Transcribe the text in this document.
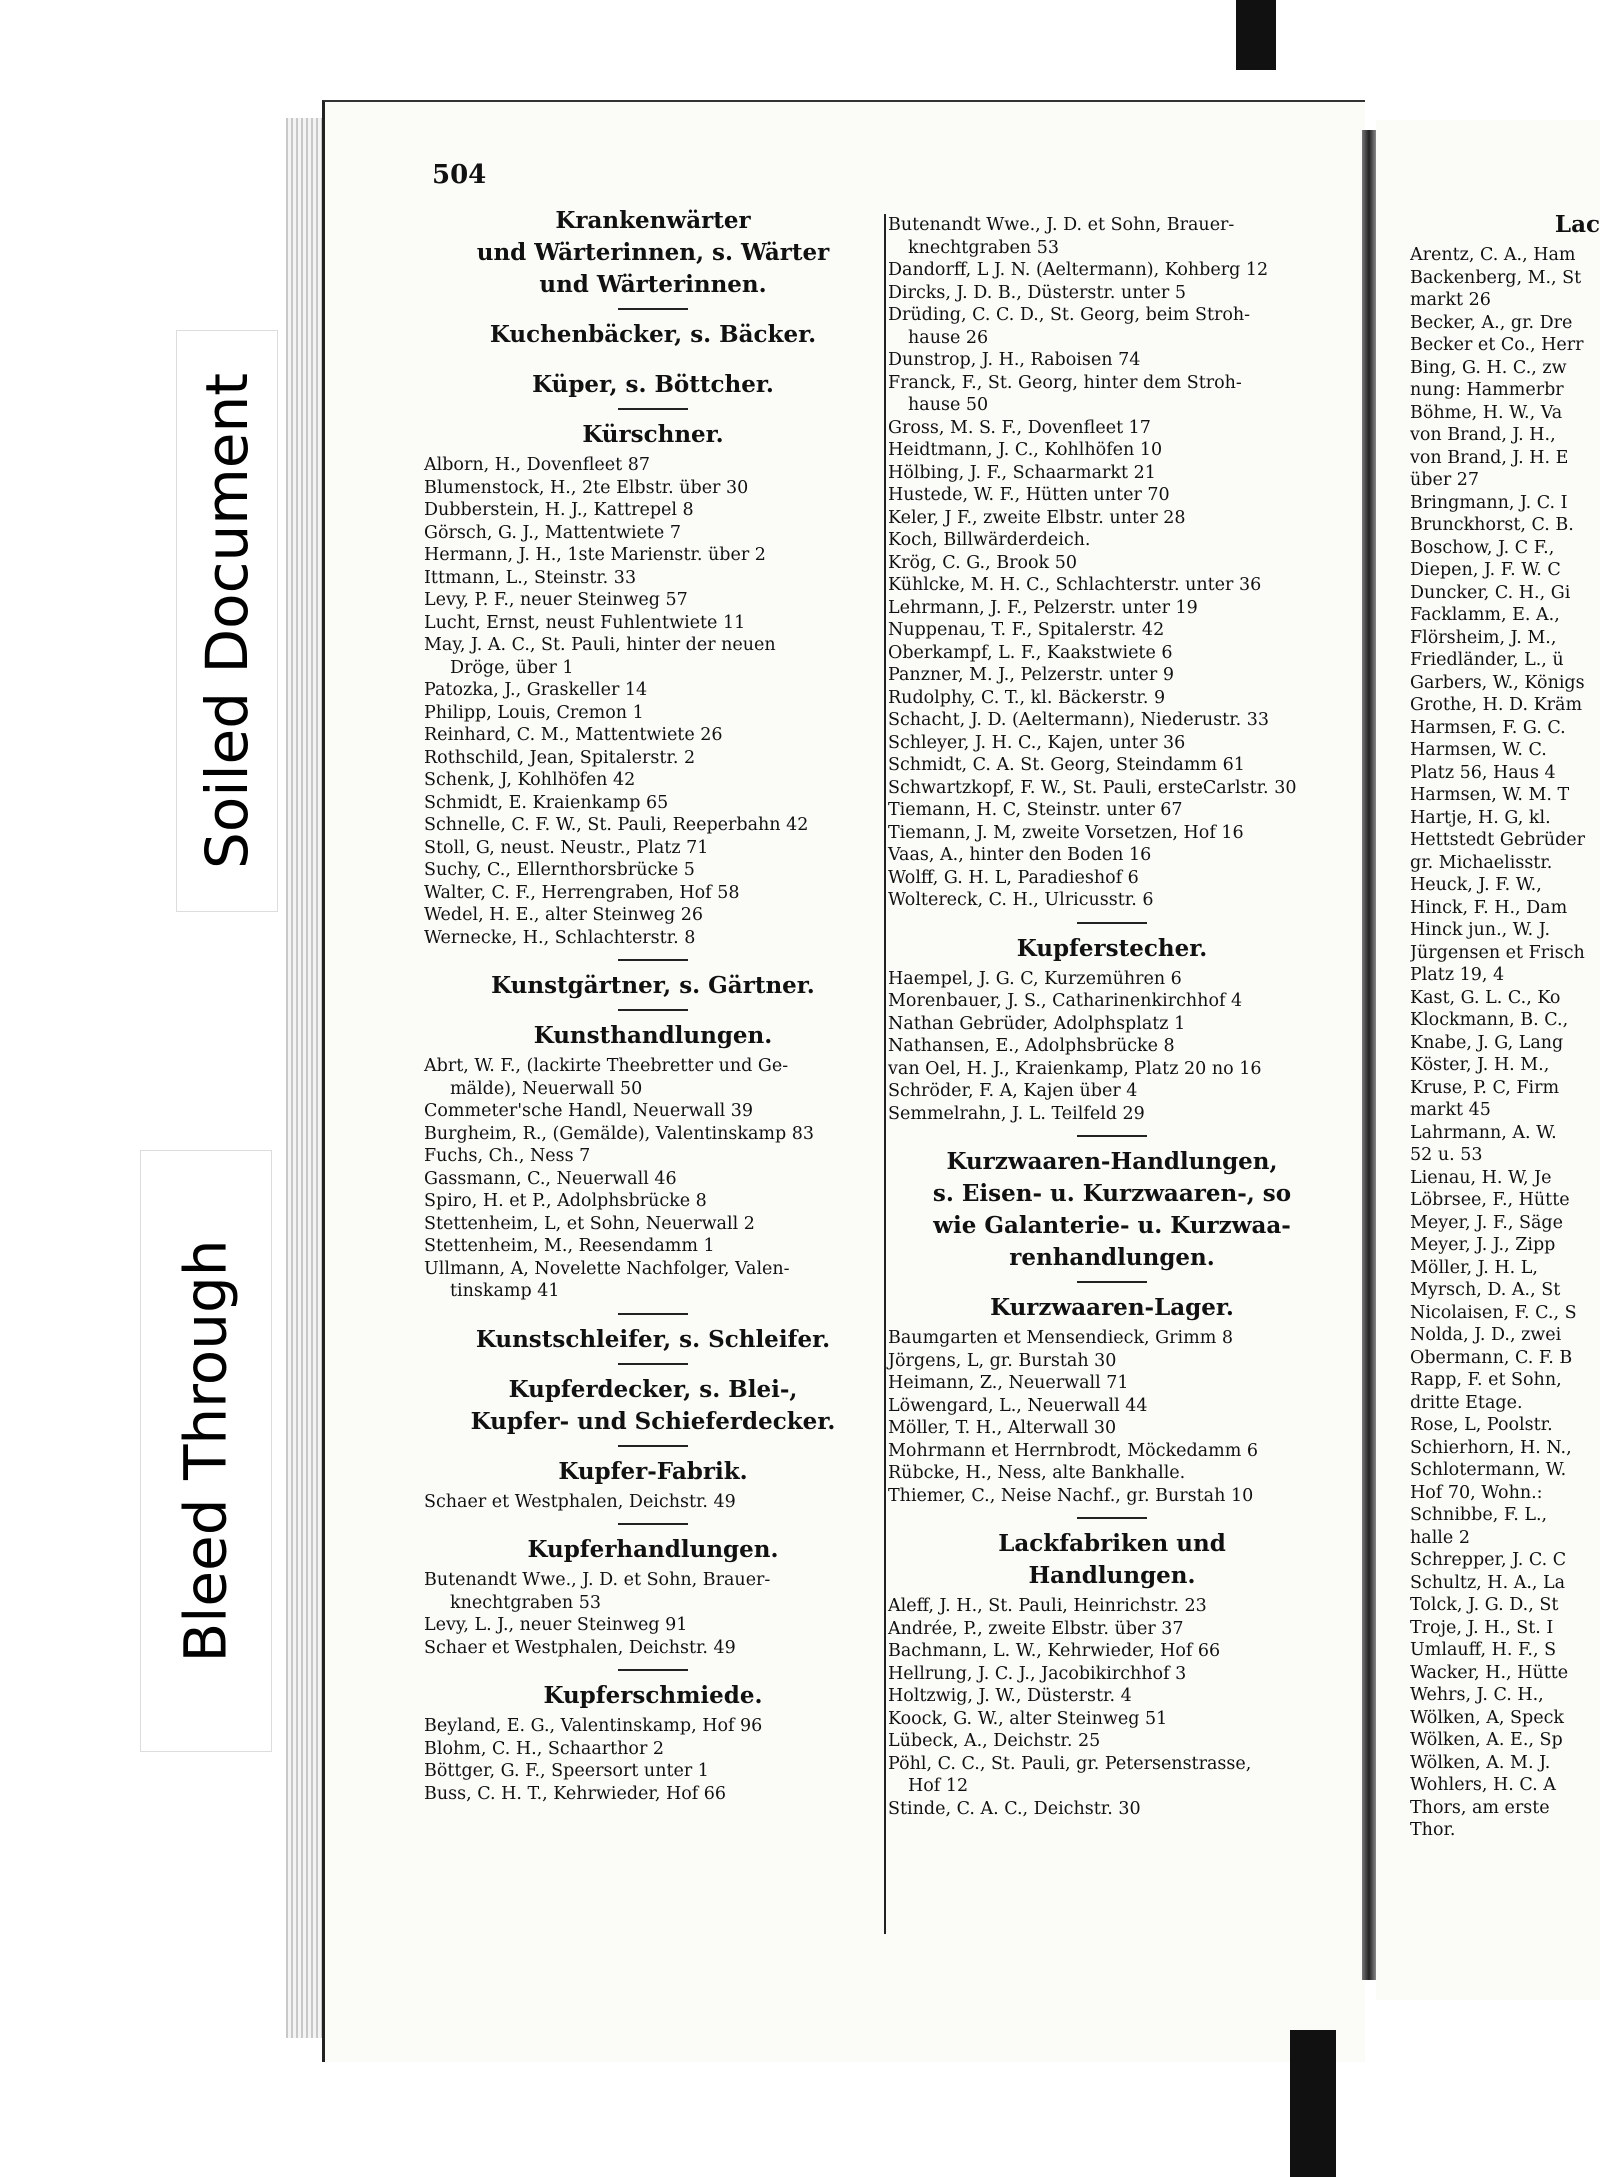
Soiled Document
Bleed Through
504
Krankenwärter
und Wärterinnen, s. Wärter
und Wärterinnen.
Kuchenbäcker, s. Bäcker.
Küper, s. Böttcher.
Kürschner.
Alborn, H., Dovenfleet 87
Blumenstock, H., 2te Elbstr. über 30
Dubberstein, H. J., Kattrepel 8
Görsch, G. J., Mattentwiete 7
Hermann, J. H., 1ste Marienstr. über 2
Ittmann, L., Steinstr. 33
Levy, P. F., neuer Steinweg 57
Lucht, Ernst, neust Fuhlentwiete 11
May, J. A. C., St. Pauli, hinter der neuen
Dröge, über 1
Patozka, J., Graskeller 14
Philipp, Louis, Cremon 1
Reinhard, C. M., Mattentwiete 26
Rothschild, Jean, Spitalerstr. 2
Schenk, J, Kohlhöfen 42
Schmidt, E. Kraienkamp 65
Schnelle, C. F. W., St. Pauli, Reeperbahn 42
Stoll, G, neust. Neustr., Platz 71
Suchy, C., Ellernthorsbrücke 5
Walter, C. F., Herrengraben, Hof 58
Wedel, H. E., alter Steinweg 26
Wernecke, H., Schlachterstr. 8
Kunstgärtner, s. Gärtner.
Kunsthandlungen.
Abrt, W. F., (lackirte Theebretter und Ge-
mälde), Neuerwall 50
Commeter'sche Handl, Neuerwall 39
Burgheim, R., (Gemälde), Valentinskamp 83
Fuchs, Ch., Ness 7
Gassmann, C., Neuerwall 46
Spiro, H. et P., Adolphsbrücke 8
Stettenheim, L, et Sohn, Neuerwall 2
Stettenheim, M., Reesendamm 1
Ullmann, A, Novelette Nachfolger, Valen-
tinskamp 41
Kunstschleifer, s. Schleifer.
Kupferdecker, s. Blei-,
Kupfer- und Schieferdecker.
Kupfer-Fabrik.
Schaer et Westphalen, Deichstr. 49
Kupferhandlungen.
Butenandt Wwe., J. D. et Sohn, Brauer-
knechtgraben 53
Levy, L. J., neuer Steinweg 91
Schaer et Westphalen, Deichstr. 49
Kupferschmiede.
Beyland, E. G., Valentinskamp, Hof 96
Blohm, C. H., Schaarthor 2
Böttger, G. F., Speersort unter 1
Buss, C. H. T., Kehrwieder, Hof 66
Butenandt Wwe., J. D. et Sohn, Brauer-
knechtgraben 53
Dandorff, L J. N. (Aeltermann), Kohberg 12
Dircks, J. D. B., Düsterstr. unter 5
Drüding, C. C. D., St. Georg, beim Stroh-
hause 26
Dunstrop, J. H., Raboisen 74
Franck, F., St. Georg, hinter dem Stroh-
hause 50
Gross, M. S. F., Dovenfleet 17
Heidtmann, J. C., Kohlhöfen 10
Hölbing, J. F., Schaarmarkt 21
Hustede, W. F., Hütten unter 70
Keler, J F., zweite Elbstr. unter 28
Koch, Billwärderdeich.
Krög, C. G., Brook 50
Kühlcke, M. H. C., Schlachterstr. unter 36
Lehrmann, J. F., Pelzerstr. unter 19
Nuppenau, T. F., Spitalerstr. 42
Oberkampf, L. F., Kaakstwiete 6
Panzner, M. J., Pelzerstr. unter 9
Rudolphy, C. T., kl. Bäckerstr. 9
Schacht, J. D. (Aeltermann), Niederustr. 33
Schleyer, J. H. C., Kajen, unter 36
Schmidt, C. A. St. Georg, Steindamm 61
Schwartzkopf, F. W., St. Pauli, ersteCarlstr. 30
Tiemann, H. C, Steinstr. unter 67
Tiemann, J. M, zweite Vorsetzen, Hof 16
Vaas, A., hinter den Boden 16
Wolff, G. H. L, Paradieshof 6
Woltereck, C. H., Ulricusstr. 6
Kupferstecher.
Haempel, J. G. C, Kurzemühren 6
Morenbauer, J. S., Catharinenkirchhof 4
Nathan Gebrüder, Adolphsplatz 1
Nathansen, E., Adolphsbrücke 8
van Oel, H. J., Kraienkamp, Platz 20 no 16
Schröder, F. A, Kajen über 4
Semmelrahn, J. L. Teilfeld 29
Kurzwaaren-Handlungen,
s. Eisen- u. Kurzwaaren-, so
wie Galanterie- u. Kurzwaa-
renhandlungen.
Kurzwaaren-Lager.
Baumgarten et Mensendieck, Grimm 8
Jörgens, L, gr. Burstah 30
Heimann, Z., Neuerwall 71
Löwengard, L., Neuerwall 44
Möller, T. H., Alterwall 30
Mohrmann et Herrnbrodt, Möckedamm 6
Rübcke, H., Ness, alte Bankhalle.
Thiemer, C., Neise Nachf., gr. Burstah 10
Lackfabriken und
Handlungen.
Aleff, J. H., St. Pauli, Heinrichstr. 23
Andrée, P., zweite Elbstr. über 37
Bachmann, L. W., Kehrwieder, Hof 66
Hellrung, J. C. J., Jacobikirchhof 3
Holtzwig, J. W., Düsterstr. 4
Koock, G. W., alter Steinweg 51
Lübeck, A., Deichstr. 25
Pöhl, C. C., St. Pauli, gr. Petersenstrasse,
Hof 12
Stinde, C. A. C., Deichstr. 30
Lac
Arentz, C. A., Ham
Backenberg, M., St
markt 26
Becker, A., gr. Dre
Becker et Co., Herr
Bing, G. H. C., zw
nung: Hammerbr
Böhme, H. W., Va
von Brand, J. H.,
von Brand, J. H. E
über 27
Bringmann, J. C. I
Brunckhorst, C. B.
Boschow, J. C F.,
Diepen, J. F. W. C
Duncker, C. H., Gi
Facklamm, E. A.,
Flörsheim, J. M.,
Friedländer, L., ü
Garbers, W., Königs
Grothe, H. D. Kräm
Harmsen, F. G. C.
Harmsen, W. C.
Platz 56, Haus 4
Harmsen, W. M. T
Hartje, H. G, kl.
Hettstedt Gebrüder
gr. Michaelisstr.
Heuck, J. F. W.,
Hinck, F. H., Dam
Hinck jun., W. J.
Jürgensen et Frisch
Platz 19, 4
Kast, G. L. C., Ko
Klockmann, B. C.,
Knabe, J. G, Lang
Köster, J. H. M.,
Kruse, P. C, Firm
markt 45
Lahrmann, A. W.
52 u. 53
Lienau, H. W, Je
Löbrsee, F., Hütte
Meyer, J. F., Säge
Meyer, J. J., Zipp
Möller, J. H. L,
Myrsch, D. A., St
Nicolaisen, F. C., S
Nolda, J. D., zwei
Obermann, C. F. B
Rapp, F. et Sohn,
dritte Etage.
Rose, L, Poolstr.
Schierhorn, H. N.,
Schlotermann, W.
Hof 70, Wohn.:
Schnibbe, F. L.,
halle 2
Schrepper, J. C. C
Schultz, H. A., La
Tolck, J. G. D., St
Troje, J. H., St. I
Umlauff, H. F., S
Wacker, H., Hütte
Wehrs, J. C. H.,
Wölken, A, Speck
Wölken, A. E., Sp
Wölken, A. M. J.
Wohlers, H. C. A
Thors, am erste
Thor.
